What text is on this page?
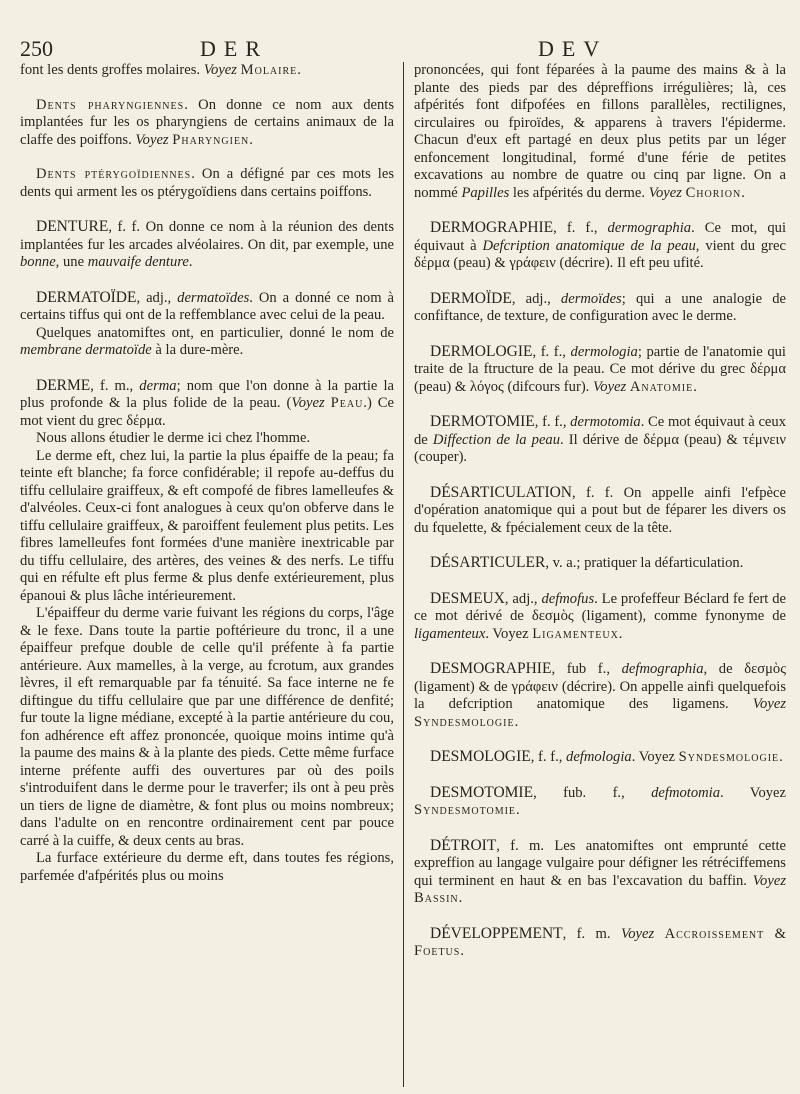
250	DER	DEV
font les dents groffes molaires. Voyez Molaire.
Dents pharyngiennes. On donne ce nom aux dents implantées fur les os pharyngiens de certains animaux de la claffe des poiffons. Voyez Pharyngien.
Dents ptérygoïdiennes. On a défigné par ces mots les dents qui arment les os ptérygoïdiens dans certains poiffons.
DENTURE, f. f. On donne ce nom à la réunion des dents implantées fur les arcades alvéolaires. On dit, par exemple, une bonne, une mauvaife denture.
DERMATOÏDE, adj., dermatoïdes. On a donné ce nom à certains tiffus qui ont de la reffemblance avec celui de la peau.

Quelques anatomiftes ont, en particulier, donné le nom de membrane dermatoïde à la dure-mère.

DERME, f. m., derma; nom que l'on donne à la partie la plus profonde & la plus folide de la peau. (Voyez Peau.) Ce mot vient du grec δέρμα.

Nous allons étudier le derme ici chez l'homme.

Le derme eft, chez lui, la partie la plus épaiffe de la peau; fa teinte eft blanche; fa force confidérable; il repofe au-deffus du tiffu cellulaire graiffeux, & eft compofé de fibres lamelleufes & d'alvéoles. Ceux-ci font analogues à ceux qu'on obferve dans le tiffu cellulaire graiffeux, & paroiffent feulement plus petits. Les fibres lamelleufes font formées d'une manière inextricable par du tiffu cellulaire, des artères, des veines & des nerfs. Le tiffu qui en réfulte eft plus ferme & plus denfe extérieurement, plus épanoui & plus lâche intérieurement.

L'épaiffeur du derme varie fuivant les régions du corps, l'âge & le fexe. Dans toute la partie poftérieure du tronc, il a une épaiffeur prefque double de celle qu'il préfente à fa partie antérieure. Aux mamelles, à la verge, au fcrotum, aux grandes lèvres, il eft remarquable par fa ténuité. Sa face interne ne fe diftingue du tiffu cellulaire que par une différence de denfité; fur toute la ligne médiane, excepté à la partie antérieure du cou, fon adhérence eft affez prononcée, quoique moins intime qu'à la paume des mains & à la plante des pieds. Cette même furface interne préfente auffi des ouvertures par où des poils s'introduifent dans le derme pour le traverfer; ils ont à peu près un tiers de ligne de diamètre, & font plus ou moins nombreux; dans l'adulte on en rencontre ordinairement cent par pouce carré à la cuiffe, & deux cents au bras.

La furface extérieure du derme eft, dans toutes fes régions, parfemée d'afpérités plus ou moins

prononcées, qui font féparées à la paume des mains & à la plante des pieds par des dépreffions irrégulières; là, ces afpérités font difpofées en fillons parallèles, rectilignes, circulaires ou fpiroïdes, & apparens à travers l'épiderme. Chacun d'eux eft partagé en deux plus petits par un léger enfoncement longitudinal, formé d'une férie de petites excavations au nombre de quatre ou cinq par ligne. On a nommé Papilles les afpérités du derme. Voyez Chorion.
DERMOGRAPHIE, f. f., dermographia. Ce mot, qui équivaut à Defcription anatomique de la peau, vient du grec δέρμα (peau) & γράφειν (décrire). Il eft peu ufité.
DERMOÏDE, adj., dermoïdes; qui a une analogie de confiftance, de texture, de configuration avec le derme.
DERMOLOGIE, f. f., dermologia; partie de l'anatomie qui traite de la ftructure de la peau. Ce mot dérive du grec δέρμα (peau) & λόγος (difcours fur). Voyez Anatomie.
DERMOTOMIE, f. f., dermotomia. Ce mot équivaut à ceux de Diffection de la peau. Il dérive de δέρμα (peau) & τέμνειν (couper).
DÉSARTICULATION, f. f. On appelle ainfi l'efpèce d'opération anatomique qui a pout but de féparer les divers os du fquelette, & fpécialement ceux de la tête.
DÉSARTICULER, v. a.; pratiquer la défarticulation.
DESMEUX, adj., defmofus. Le profeffeur Béclard fe fert de ce mot dérivé de δεσμὸς (ligament), comme fynonyme de ligamenteux. Voyez Ligamenteux.
DESMOGRAPHIE, fub f., defmographia, de δεσμὸς (ligament) & de γράφειν (décrire). On appelle ainfi quelquefois la defcription anatomique des ligamens. Voyez Syndesmologie.
DESMOLOGIE, f. f., defmologia. Voyez Syndesmologie.
DESMOTOMIE, fub. f., defmotomia. Voyez Syndesmotomie.
DÉTROIT, f. m. Les anatomiftes ont emprunté cette expreffion au langage vulgaire pour défigner les rétréciffemens qui terminent en haut & en bas l'excavation du baffin. Voyez Bassin.
DÉVELOPPEMENT, f. m. Voyez Accroissement & Foetus.
